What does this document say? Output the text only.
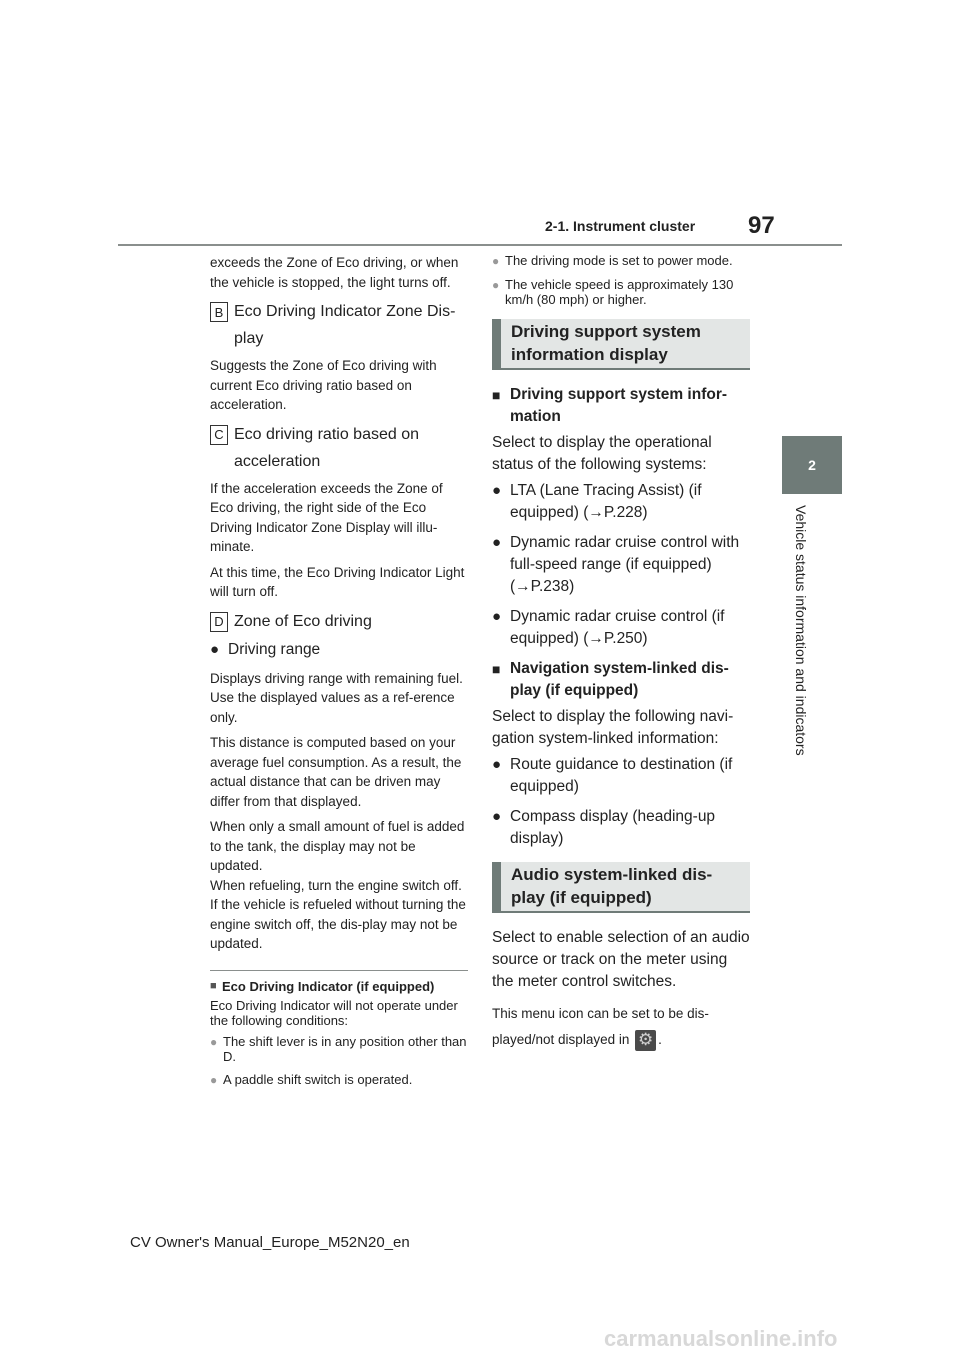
2-1. Instrument cluster 97
2
Vehicle status information and indicators

exceeds the Zone of Eco driving, or when the vehicle is stopped, the light turns off.

B Eco Driving Indicator Zone Dis-play

Suggests the Zone of Eco driving with current Eco driving ratio based on acceleration.

C Eco driving ratio based on acceleration

If the acceleration exceeds the Zone of Eco driving, the right side of the Eco Driving Indicator Zone Display will illu-minate.

At this time, the Eco Driving Indicator Light will turn off.

D Zone of Eco driving
● Driving range

Displays driving range with remaining fuel. Use the displayed values as a ref-erence only.

This distance is computed based on your average fuel consumption. As a result, the actual distance that can be driven may differ from that displayed.

When only a small amount of fuel is added to the tank, the display may not be updated.

When refueling, turn the engine switch off. If the vehicle is refueled without turning the engine switch off, the dis-play may not be updated.

■ Eco Driving Indicator (if equipped)

Eco Driving Indicator will not operate under the following conditions:

● The shift lever is in any position other than D.
● A paddle shift switch is operated.
● The driving mode is set to power mode.
● The vehicle speed is approximately 130 km/h (80 mph) or higher.
Driving support system information display
■ Driving support system infor-mation

Select to display the operational status of the following systems:

● LTA (Lane Tracing Assist) (if equipped) (→P.228)
● Dynamic radar cruise control with full-speed range (if equipped) (→P.238)
● Dynamic radar cruise control (if equipped) (→P.250)
■ Navigation system-linked dis-play (if equipped)

Select to display the following navi-gation system-linked information:

● Route guidance to destination (if equipped)
● Compass display (heading-up display)
Audio system-linked dis-play (if equipped)

Select to enable selection of an audio source or track on the meter using the meter control switches.

This menu icon can be set to be dis-played/not displayed in ⚙ .

CV Owner's Manual_Europe_M52N20_en
carmanualsonline.info
